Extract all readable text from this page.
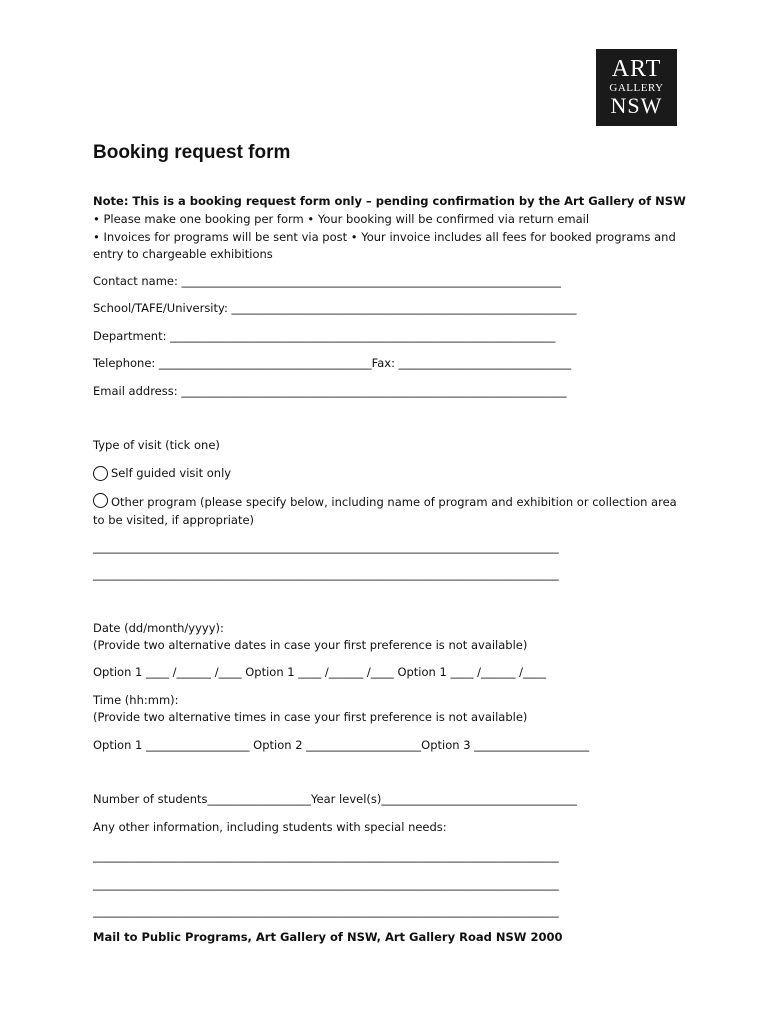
ART
GALLERY
NSW
Booking request form
Note: This is a booking request form only – pending confirmation by the Art Gallery of NSW
• Please make one booking per form • Your booking will be confirmed via return email
• Invoices for programs will be sent via post • Your invoice includes all fees for booked programs and entry to chargeable exhibitions
Contact name: __________________________________________________________________
School/TAFE/University: ____________________________________________________________
Department: ___________________________________________________________________
Telephone: _____________________________________Fax: ______________________________
Email address: ___________________________________________________________________
Type of visit (tick one)
Self guided visit only
Other program (please specify below, including name of program and exhibition or collection area to be visited, if appropriate)
_________________________________________________________________________________
_________________________________________________________________________________
Date (dd/month/yyyy):
(Provide two alternative dates in case your first preference is not available)
Option 1 ____ /______ /____ Option 1 ____ /______ /____ Option 1 ____ /______ /____
Time (hh:mm):
(Provide two alternative times in case your first preference is not available)
Option 1 __________________ Option 2 ____________________Option 3 ____________________
Number of students__________________Year level(s)__________________________________
Any other information, including students with special needs:
_________________________________________________________________________________
_________________________________________________________________________________
_________________________________________________________________________________
Mail to Public Programs, Art Gallery of NSW, Art Gallery Road NSW 2000
